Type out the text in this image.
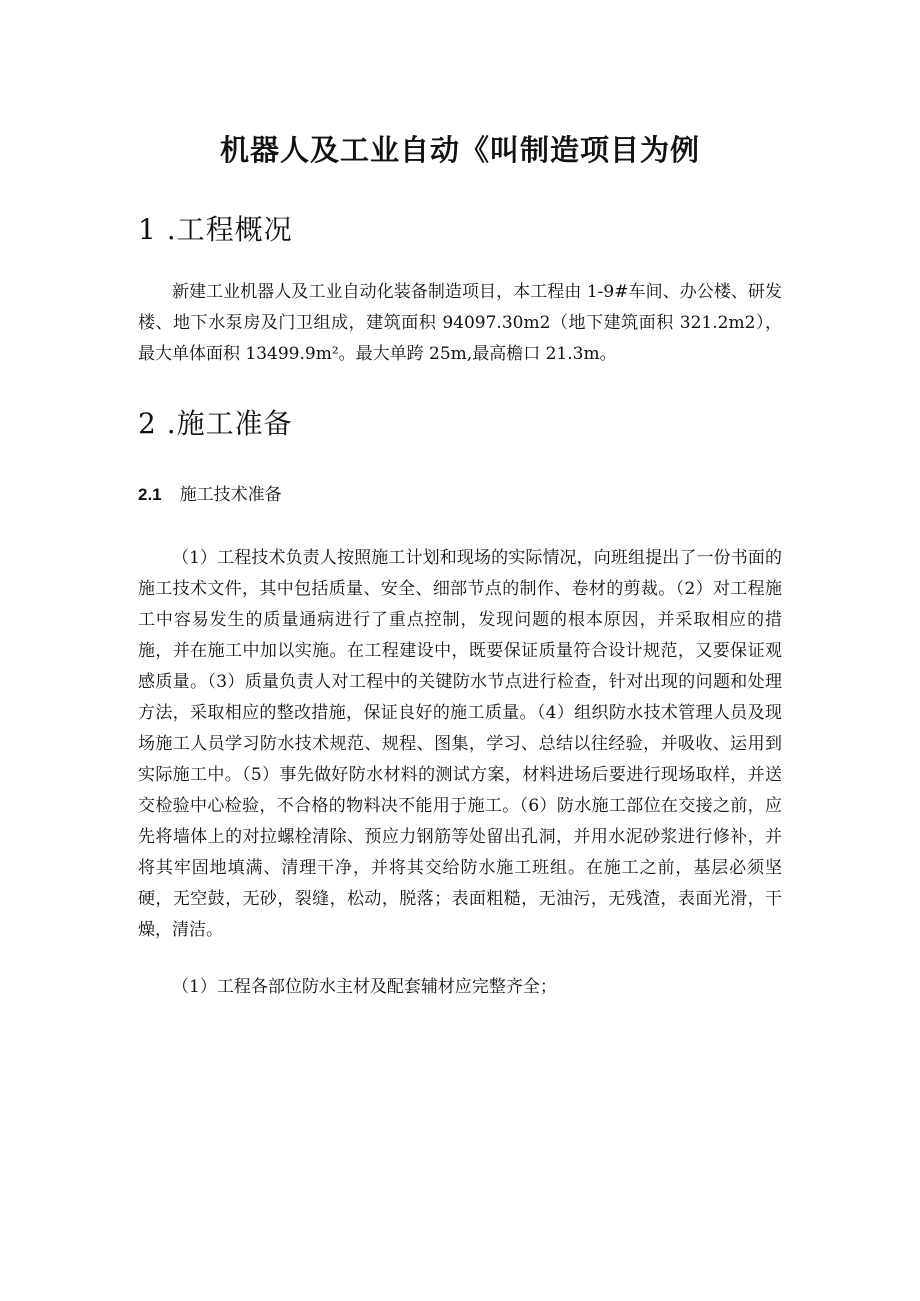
机器人及工业自动《叫制造项目为例
1 .工程概况

新建工业机器人及工业自动化装备制造项目，本工程由 1-9#车间、办公楼、研发楼、地下水泵房及门卫组成，建筑面积 94097.30m2（地下建筑面积 321.2m2），最大单体面积 13499.9m²。最大单跨 25m,最高檐口 21.3m。

2 .施工准备
2.1 施工技术准备

（1）工程技术负责人按照施工计划和现场的实际情况，向班组提出了一份书面的施工技术文件，其中包括质量、安全、细部节点的制作、卷材的剪裁。（2）对工程施工中容易发生的质量通病进行了重点控制，发现问题的根本原因，并采取相应的措施，并在施工中加以实施。在工程建设中，既要保证质量符合设计规范，又要保证观感质量。（3）质量负责人对工程中的关键防水节点进行检查，针对出现的问题和处理方法，采取相应的整改措施，保证良好的施工质量。（4）组织防水技术管理人员及现场施工人员学习防水技术规范、规程、图集，学习、总结以往经验，并吸收、运用到实际施工中。（5）事先做好防水材料的测试方案，材料进场后要进行现场取样，并送交检验中心检验，不合格的物料决不能用于施工。（6）防水施工部位在交接之前，应先将墙体上的对拉螺栓清除、预应力钢筋等处留出孔洞，并用水泥砂浆进行修补，并将其牢固地填满、清理干净，并将其交给防水施工班组。在施工之前，基层必须坚硬，无空鼓，无砂，裂缝，松动，脱落；表面粗糙，无油污，无残渣，表面光滑，干燥，清洁。

（1）工程各部位防水主材及配套辅材应完整齐全；
